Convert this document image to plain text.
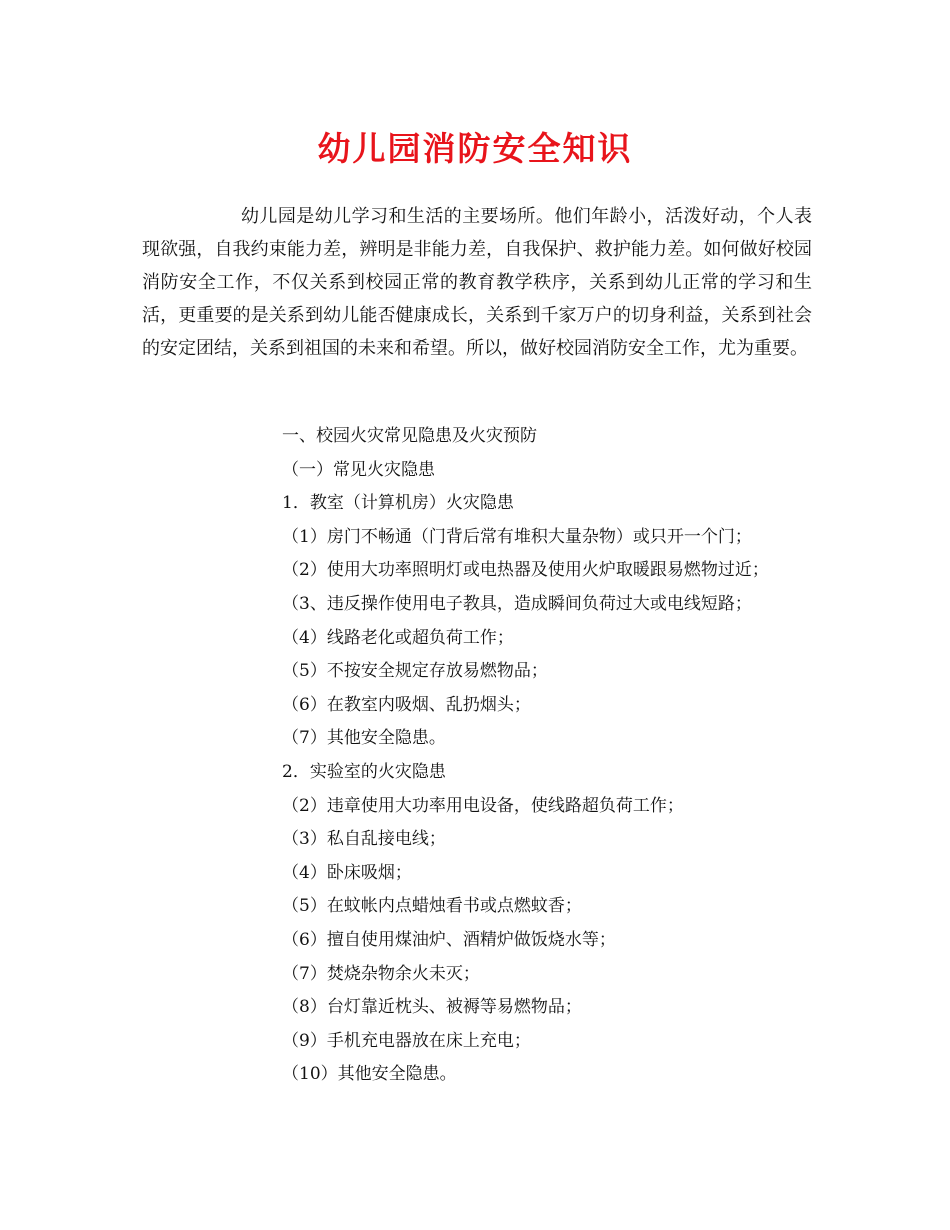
幼儿园消防安全知识

幼儿园是幼儿学习和生活的主要场所。他们年龄小，活泼好动，个人表现欲强，自我约束能力差，辨明是非能力差，自我保护、救护能力差。如何做好校园消防安全工作，不仅关系到校园正常的教育教学秩序，关系到幼儿正常的学习和生活，更重要的是关系到幼儿能否健康成长，关系到千家万户的切身利益，关系到社会的安定团结，关系到祖国的未来和希望。所以，做好校园消防安全工作，尤为重要。

一、校园火灾常见隐患及火灾预防
（一）常见火灾隐患
1．教室（计算机房）火灾隐患
（1）房门不畅通（门背后常有堆积大量杂物）或只开一个门；
（2）使用大功率照明灯或电热器及使用火炉取暖跟易燃物过近；
（3、违反操作使用电子教具，造成瞬间负荷过大或电线短路；
（4）线路老化或超负荷工作；
（5）不按安全规定存放易燃物品；
（6）在教室内吸烟、乱扔烟头；
（7）其他安全隐患。
2．实验室的火灾隐患
（2）违章使用大功率用电设备，使线路超负荷工作；
（3）私自乱接电线；
（4）卧床吸烟；
（5）在蚊帐内点蜡烛看书或点燃蚊香；
（6）擅自使用煤油炉、酒精炉做饭烧水等；
（7）焚烧杂物余火未灭；
（8）台灯靠近枕头、被褥等易燃物品；
（9）手机充电器放在床上充电；
（10）其他安全隐患。
